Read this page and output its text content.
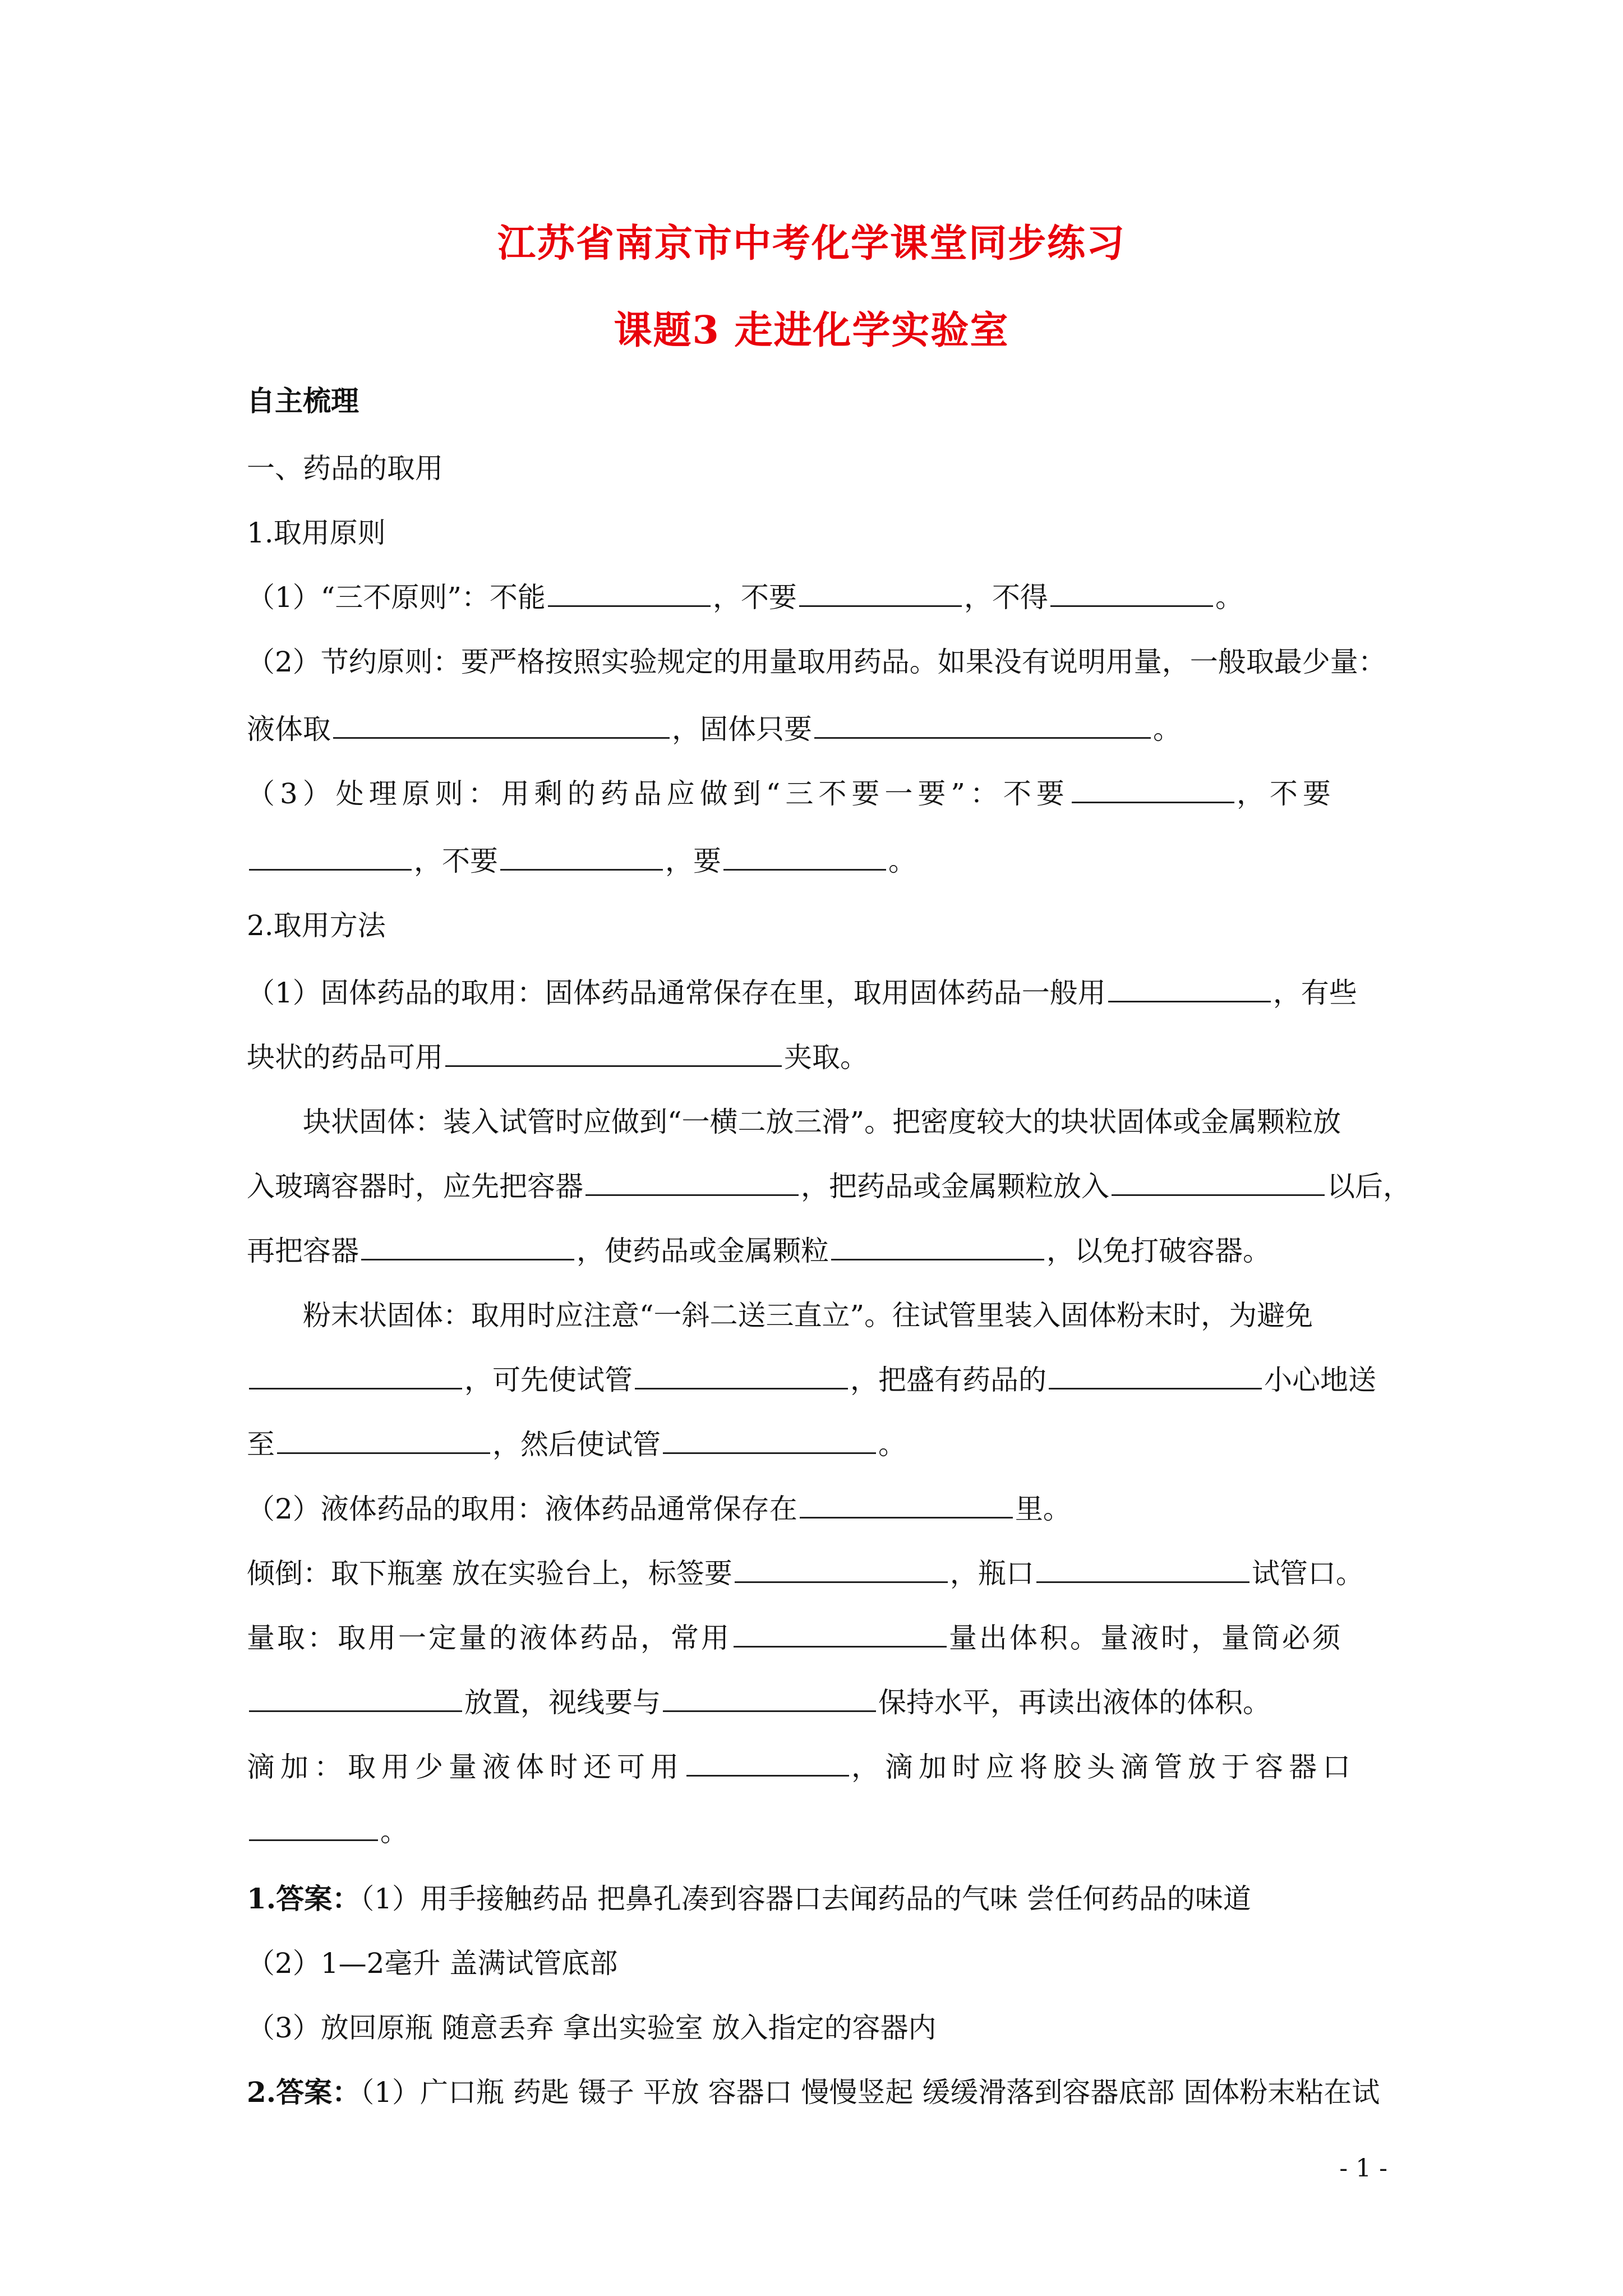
江苏省南京市中考化学课堂同步练习
课题3 走进化学实验室
自主梳理
一、药品的取用
1.取用原则
（1）“三不原则”：不能	，不要	，不得	。
（2）节约原则：要严格按照实验规定的用量取用药品。如果没有说明用量，一般取最少量：
液体取	，固体只要	。
（3）处理原则：用剩的药品应做到“三不要一要”：不要	，不要
，不要	，要	。
2.取用方法
（1）固体药品的取用：固体药品通常保存在里，取用固体药品一般用	，有些
块状的药品可用	夹取。
块状固体：装入试管时应做到“一横二放三滑”。把密度较大的块状固体或金属颗粒放
入玻璃容器时，应先把容器	，把药品或金属颗粒放入	以后，
再把容器	，使药品或金属颗粒	，以免打破容器。
粉末状固体：取用时应注意“一斜二送三直立”。往试管里装入固体粉末时，为避免
，可先使试管	，把盛有药品的	小心地送
至	，然后使试管	。
（2）液体药品的取用：液体药品通常保存在	里。
倾倒：取下瓶塞 放在实验台上，标签要	，瓶口	试管口。
量取：取用一定量的液体药品，常用	量出体积。量液时，量筒必须
放置，视线要与	保持水平，再读出液体的体积。
滴加：取用少量液体时还可用	，滴加时应将胶头滴管放于容器口
。
1.答案：（1）用手接触药品 把鼻孔凑到容器口去闻药品的气味 尝任何药品的味道
（2）1—2毫升 盖满试管底部
（3）放回原瓶 随意丢弃 拿出实验室 放入指定的容器内
2.答案：（1）广口瓶 药匙 镊子 平放 容器口 慢慢竖起 缓缓滑落到容器底部 固体粉末粘在试
- 1 -
